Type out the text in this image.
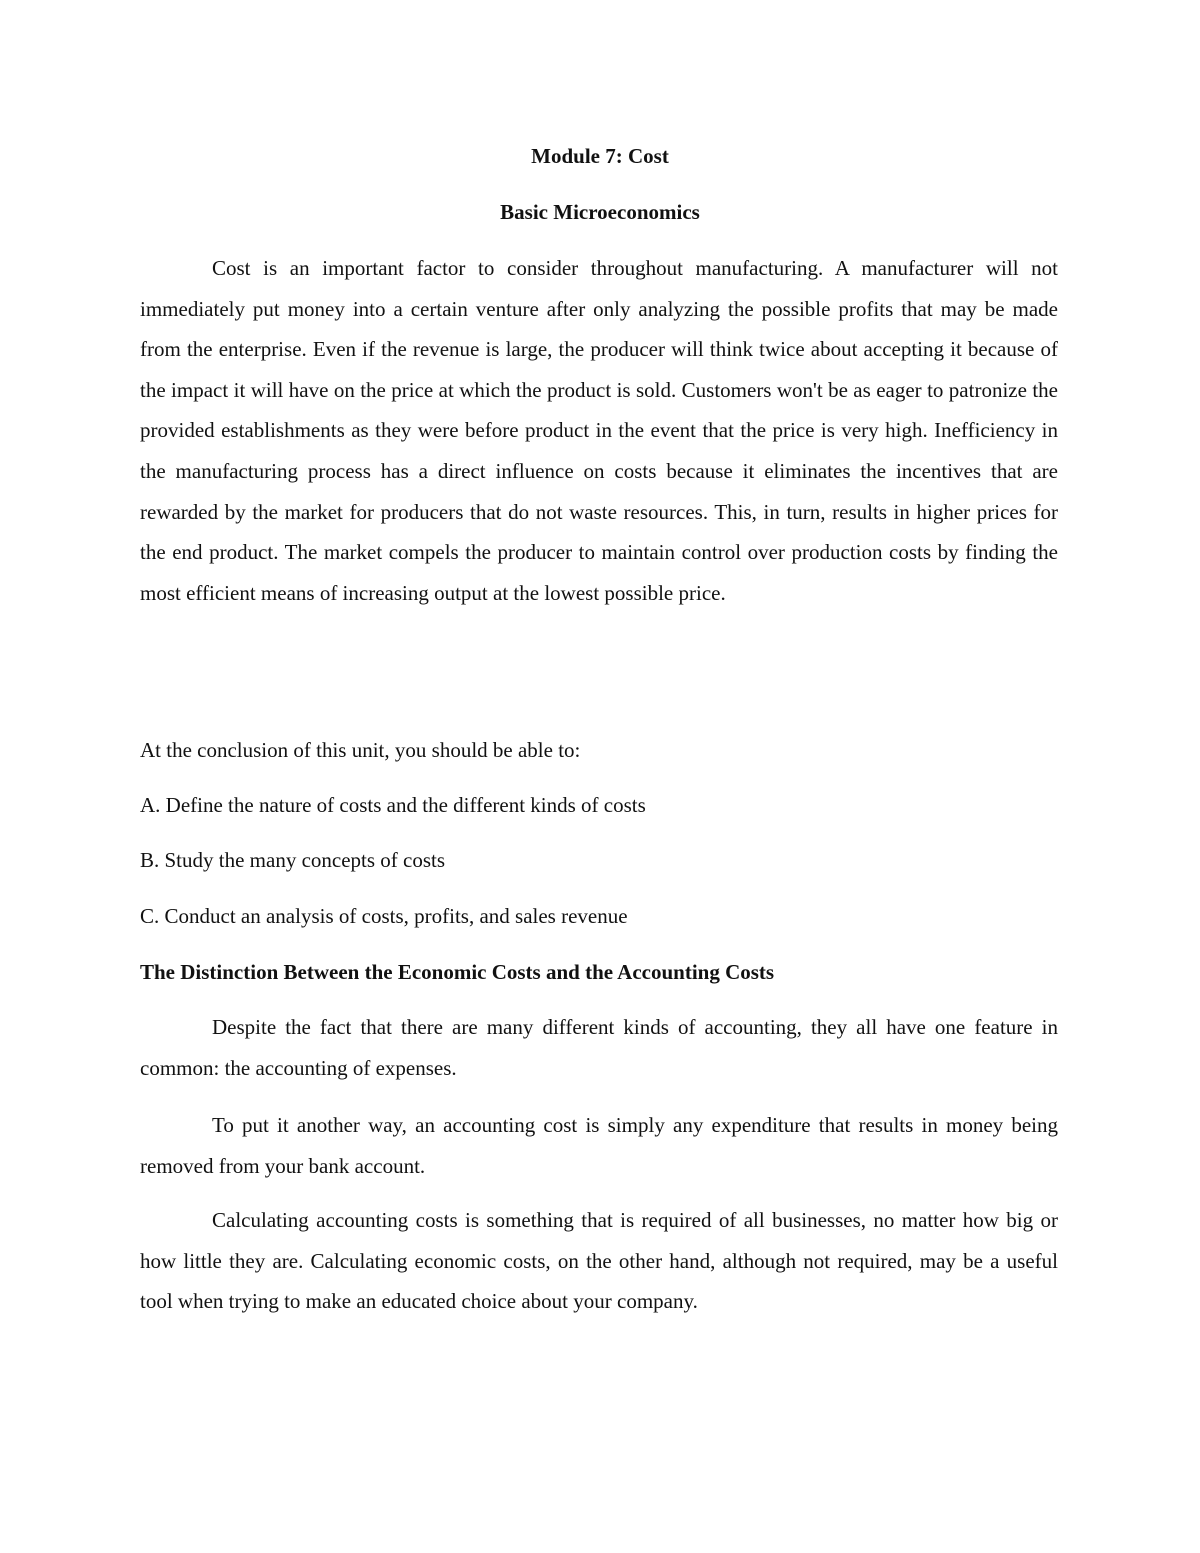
Module 7: Cost

Basic Microeconomics

Cost is an important factor to consider throughout manufacturing. A manufacturer will not immediately put money into a certain venture after only analyzing the possible profits that may be made from the enterprise. Even if the revenue is large, the producer will think twice about accepting it because of the impact it will have on the price at which the product is sold. Customers won't be as eager to patronize the provided establishments as they were before product in the event that the price is very high. Inefficiency in the manufacturing process has a direct influence on costs because it eliminates the incentives that are rewarded by the market for producers that do not waste resources. This, in turn, results in higher prices for the end product. The market compels the producer to maintain control over production costs by finding the most efficient means of increasing output at the lowest possible price.

At the conclusion of this unit, you should be able to:

A. Define the nature of costs and the different kinds of costs

B. Study the many concepts of costs

C. Conduct an analysis of costs, profits, and sales revenue

The Distinction Between the Economic Costs and the Accounting Costs

Despite the fact that there are many different kinds of accounting, they all have one feature in common: the accounting of expenses.

To put it another way, an accounting cost is simply any expenditure that results in money being removed from your bank account.

Calculating accounting costs is something that is required of all businesses, no matter how big or how little they are. Calculating economic costs, on the other hand, although not required, may be a useful tool when trying to make an educated choice about your company.
